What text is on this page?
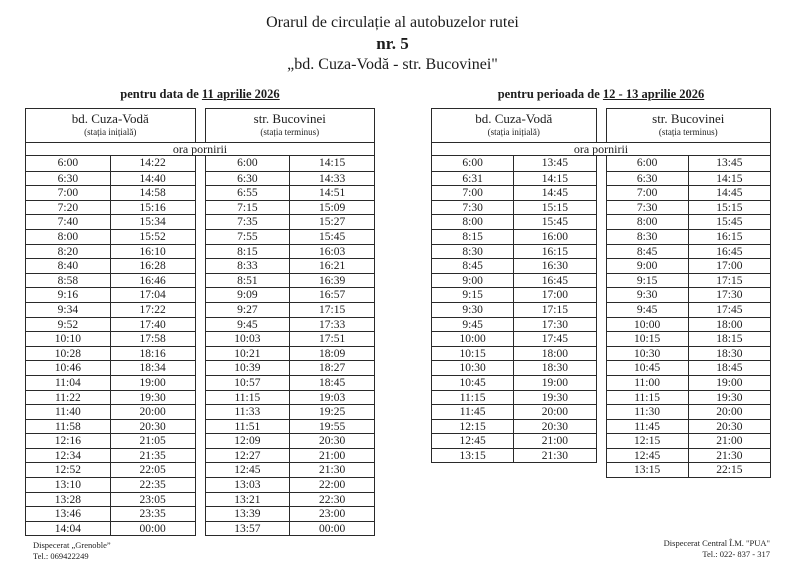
Orarul de circulație al autobuzelor rutei
nr. 5
„bd. Cuza-Vodă - str. Bucovinei"
pentru data de 11 aprilie 2026
bd. Cuza-Vodă
(stația inițială)
str. Bucovinei
(stația terminus)
ora pornirii
6:00	14:22
6:30	14:40
7:00	14:58
7:20	15:16
7:40	15:34
8:00	15:52
8:20	16:10
8:40	16:28
8:58	16:46
9:16	17:04
9:34	17:22
9:52	17:40
10:10	17:58
10:28	18:16
10:46	18:34
11:04	19:00
11:22	19:30
11:40	20:00
11:58	20:30
12:16	21:05
12:34	21:35
12:52	22:05
13:10	22:35
13:28	23:05
13:46	23:35
14:04	00:00
6:00	14:15
6:30	14:33
6:55	14:51
7:15	15:09
7:35	15:27
7:55	15:45
8:15	16:03
8:33	16:21
8:51	16:39
9:09	16:57
9:27	17:15
9:45	17:33
10:03	17:51
10:21	18:09
10:39	18:27
10:57	18:45
11:15	19:03
11:33	19:25
11:51	19:55
12:09	20:30
12:27	21:00
12:45	21:30
13:03	22:00
13:21	22:30
13:39	23:00
13:57	00:00
pentru perioada de 12 - 13 aprilie 2026
bd. Cuza-Vodă
(stația inițială)
str. Bucovinei
(stația terminus)
ora pornirii
6:00	13:45
6:31	14:15
7:00	14:45
7:30	15:15
8:00	15:45
8:15	16:00
8:30	16:15
8:45	16:30
9:00	16:45
9:15	17:00
9:30	17:15
9:45	17:30
10:00	17:45
10:15	18:00
10:30	18:30
10:45	19:00
11:15	19:30
11:45	20:00
12:15	20:30
12:45	21:00
13:15	21:30
6:00	13:45
6:30	14:15
7:00	14:45
7:30	15:15
8:00	15:45
8:30	16:15
8:45	16:45
9:00	17:00
9:15	17:15
9:30	17:30
9:45	17:45
10:00	18:00
10:15	18:15
10:30	18:30
10:45	18:45
11:00	19:00
11:15	19:30
11:30	20:00
11:45	20:30
12:15	21:00
12:45	21:30
13:15	22:15
Dispecerat „Grenoble”
Tel.: 069422249
Dispecerat Central Î.M. "PUA"
Tel.: 022- 837 - 317
